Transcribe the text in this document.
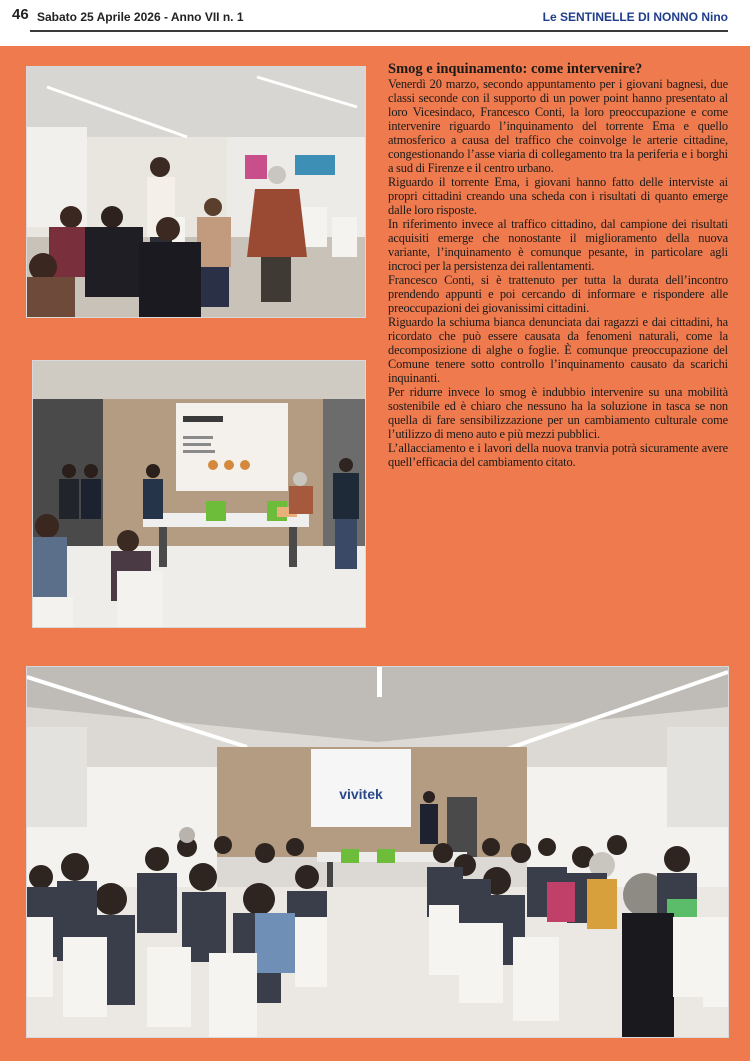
46 Sabato 25 Aprile 2026 - Anno VII n. 1	Le SENTINELLE DI NONNO Nino
vivitek

Smog e inquinamento: come intervenire?

Venerdì 20 marzo, secondo appuntamento per i giovani bagnesi, due classi seconde con il supporto di un power point hanno presentato al loro Vicesindaco, Francesco Conti, la loro preoccupazione e come intervenire riguardo l’inquinamento del torrente Ema e quello atmosferico a causa del traffico che coinvolge le arterie cittadine, congestionando l’asse viaria di collegamento tra la periferia e i borghi a sud di Firenze e il centro urbano.

Riguardo il torrente Ema, i giovani hanno fatto delle interviste ai propri cittadini creando una scheda con i risultati di quanto emerge dalle loro risposte.

In riferimento invece al traffico cittadino, dal campione dei risultati acquisiti emerge che nonostante il miglioramento della nuova variante, l’inquinamento è comunque pesante, in particolare agli incroci per la persistenza dei rallentamenti.

Francesco Conti, si è trattenuto per tutta la durata dell’incontro prendendo appunti e poi cercando di informare e rispondere alle preoccupazioni dei giovanissimi cittadini.

Riguardo la schiuma bianca denunciata dai ragazzi e dai cittadini, ha ricordato che può essere causata da fenomeni naturali, come la decomposizione di alghe o foglie. È comunque preoccupazione del Comune tenere sotto controllo l’inquinamento causato da scarichi inquinanti.

Per ridurre invece lo smog è indubbio intervenire su una mobilità sostenibile ed è chiaro che nessuno ha la soluzione in tasca se non quella di fare sensibilizzazione per un cambiamento culturale come l’utilizzo di meno auto e più mezzi pubblici.

L’allacciamento e i lavori della nuova tranvia potrà sicuramente avere quell’efficacia del cambiamento citato.
